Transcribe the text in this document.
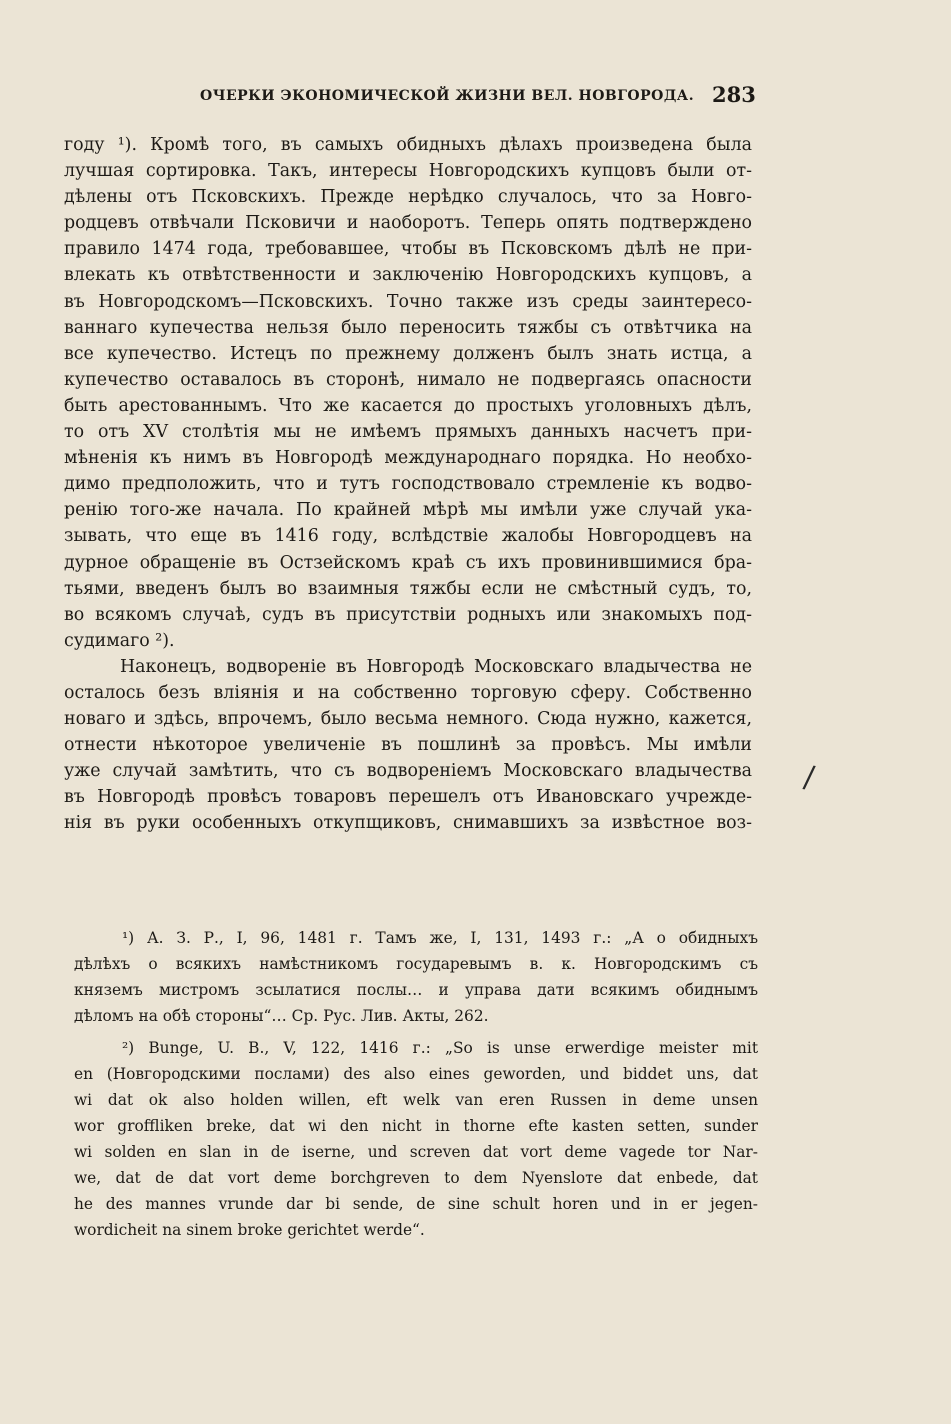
ОЧЕРКИ ЭКОНОМИЧЕСКОЙ ЖИЗНИ ВЕЛ. НОВГОРОДА. 283
году ¹). Кромѣ того, въ самыхъ обидныхъ дѣлахъ произведена была
лучшая сортировка. Такъ, интересы Новгородскихъ купцовъ были от-
дѣлены отъ Псковскихъ. Прежде нерѣдко случалось, что за Новго-
родцевъ отвѣчали Псковичи и наоборотъ. Теперь опять подтверждено
правило 1474 года, требовавшее, чтобы въ Псковскомъ дѣлѣ не при-
влекать къ отвѣтственности и заключенію Новгородскихъ купцовъ, а
въ Новгородскомъ—Псковскихъ. Точно также изъ среды заинтересо-
ваннаго купечества нельзя было переносить тяжбы съ отвѣтчика на
все купечество. Истецъ по прежнему долженъ былъ знать истца, а
купечество оставалось въ сторонѣ, нимало не подвергаясь опасности
быть арестованнымъ. Что же касается до простыхъ уголовныхъ дѣлъ,
то отъ XV столѣтія мы не имѣемъ прямыхъ данныхъ насчетъ при-
мѣненія къ нимъ въ Новгородѣ международнаго порядка. Но необхо-
димо предположить, что и тутъ господствовало стремленіе къ водво-
ренію того-же начала. По крайней мѣрѣ мы имѣли уже случай ука-
зывать, что еще въ 1416 году, вслѣдствіе жалобы Новгородцевъ на
дурное обращеніе въ Остзейскомъ краѣ съ ихъ провинившимися бра-
тьями, введенъ былъ во взаимныя тяжбы если не смѣстный судъ, то,
во всякомъ случаѣ, судъ въ присутствіи родныхъ или знакомыхъ под-
судимаго ²).
Наконецъ, водвореніе въ Новгородѣ Московскаго владычества не
осталось безъ вліянія и на собственно торговую сферу. Собственно
новаго и здѣсь, впрочемъ, было весьма немного. Сюда нужно, кажется,
отнести нѣкоторое увеличеніе въ пошлинѣ за провѣсъ. Мы имѣли
уже случай замѣтить, что съ водвореніемъ Московскаго владычества
въ Новгородѣ провѣсъ товаровъ перешелъ отъ Ивановскаго учрежде-
нія въ руки особенныхъ откупщиковъ, снимавшихъ за извѣстное воз-
/
¹) А. З. Р., I, 96, 1481 г. Тамъ же, I, 131, 1493 г.: „А о обидныхъ
дѣлѣхъ о всякихъ намѣстникомъ государевымъ в. к. Новгородскимъ съ
княземъ мистромъ зсылатися послы… и управа дати всякимъ обиднымъ
дѣломъ на обѣ стороны“… Ср. Рус. Лив. Акты, 262.
²) Bunge, U. B., V, 122, 1416 г.: „So is unse erwerdige meister mit
en (Новгородскими послами) des also eines geworden, und biddet uns, dat
wi dat ok also holden willen, eft welk van eren Russen in deme unsen
wor groffliken breke, dat wi den nicht in thorne efte kasten setten, sunder
wi solden en slan in de iserne, und screven dat vort deme vagede tor Nar-
we, dat de dat vort deme borchgreven to dem Nyensloте dat enbede, dat
he des mannes vrunde dar bi sende, de sine schult horen und in er jegen-
wordicheit na sinem broke gerichtet werde“.
